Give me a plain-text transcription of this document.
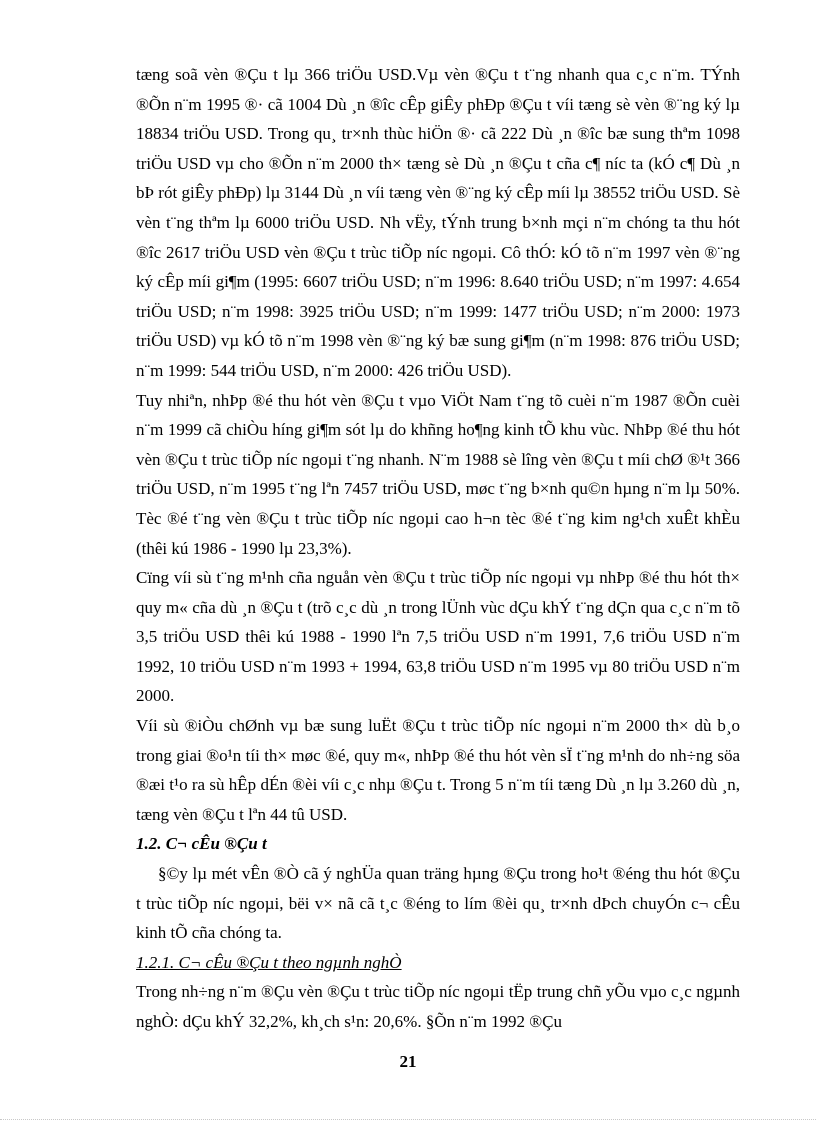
tæng soã vèn ®Çu t lµ 366 triÖu USD.Vµ vèn ®Çu t t¨ng nhanh qua c¸c n¨m. TÝnh ®Õn n¨m 1995 ®· cã 1004 Dù ¸n ®îc cÊp giÊy phÐp ®Çu t víi tæng sè vèn ®¨ng ký lµ 18834 triÖu USD. Trong qu¸ tr×nh thùc hiÖn ®· cã 222 Dù ¸n ®îc bæ sung thªm 1098 triÖu USD vµ cho ®Õn n¨m 2000 th× tæng sè Dù ¸n ®Çu t cña c¶ níc ta (kÓ c¶ Dù ¸n bÞ rót giÊy phÐp) lµ 3144 Dù ¸n víi tæng vèn ®¨ng ký cÊp míi lµ 38552 triÖu USD. Sè vèn t¨ng thªm lµ 6000 triÖu USD. Nh vËy, tÝnh trung b×nh mçi n¨m chóng ta thu hót ®îc 2617 triÖu USD vèn ®Çu t trùc tiÕp níc ngoµi. Cô thÓ: kÓ tõ n¨m 1997 vèn ®¨ng ký cÊp míi gi¶m (1995: 6607 triÖu USD; n¨m 1996: 8.640 triÖu USD; n¨m 1997: 4.654 triÖu USD; n¨m 1998: 3925 triÖu USD; n¨m 1999: 1477 triÖu USD; n¨m 2000: 1973 triÖu USD) vµ kÓ tõ n¨m 1998 vèn ®¨ng ký bæ sung gi¶m (n¨m 1998: 876 triÖu USD; n¨m 1999: 544 triÖu USD, n¨m 2000: 426 triÖu USD).

Tuy nhiªn, nhÞp ®é thu hót vèn ®Çu t vµo ViÖt Nam t¨ng tõ cuèi n¨m 1987 ®Õn cuèi n¨m 1999 cã chiÒu híng gi¶m sót lµ do khñng ho¶ng kinh tÕ khu vùc. NhÞp ®é thu hót vèn ®Çu t trùc tiÕp níc ngoµi t¨ng nhanh. N¨m 1988 sè lîng vèn ®Çu t míi chØ ®¹t 366 triÖu USD, n¨m 1995 t¨ng lªn 7457 triÖu USD, møc t¨ng b×nh qu©n hµng n¨m lµ 50%. Tèc ®é t¨ng vèn ®Çu t trùc tiÕp níc ngoµi cao h¬n tèc ®é t¨ng kim ng¹ch xuÊt khÈu (thêi kú 1986 - 1990 lµ 23,3%).

Cïng víi sù t¨ng m¹nh cña nguån vèn ®Çu t trùc tiÕp níc ngoµi vµ nhÞp ®é thu hót th× quy m« cña dù ¸n ®Çu t (trõ c¸c dù ¸n trong lÜnh vùc dÇu khÝ t¨ng dÇn qua c¸c n¨m tõ 3,5 triÖu USD thêi kú 1988 - 1990 lªn 7,5 triÖu USD n¨m 1991, 7,6 triÖu USD n¨m 1992, 10 triÖu USD n¨m 1993 + 1994, 63,8 triÖu USD n¨m 1995 vµ 80 triÖu USD n¨m 2000.

Víi sù ®iÒu chØnh vµ bæ sung luËt ®Çu t trùc tiÕp níc ngoµi n¨m 2000 th× dù b¸o trong giai ®o¹n tíi th× møc ®é, quy m«, nhÞp ®é thu hót vèn sÏ t¨ng m¹nh do nh÷ng söa ®æi t¹o ra sù hÊp dÉn ®èi víi c¸c nhµ ®Çu t. Trong 5 n¨m tíi tæng Dù ¸n lµ 3.260 dù ¸n, tæng vèn ®Çu t lªn 44 tû USD.

1.2. C¬ cÊu ®Çu t

§©y lµ mét vÊn ®Ò cã ý nghÜa quan träng hµng ®Çu trong ho¹t ®éng thu hót ®Çu t trùc tiÕp níc ngoµi, bëi v× nã cã t¸c ®éng to lím ®èi qu¸ tr×nh dÞch chuyÓn c¬ cÊu kinh tÕ cña chóng ta.

1.2.1. C¬ cÊu ®Çu t theo ngµnh nghÒ

Trong nh÷ng n¨m ®Çu vèn ®Çu t trùc tiÕp níc ngoµi tËp trung chñ yÕu vµo c¸c ngµnh nghÒ: dÇu khÝ 32,2%, kh¸ch s¹n: 20,6%. §Õn n¨m 1992 ®Çu

21
